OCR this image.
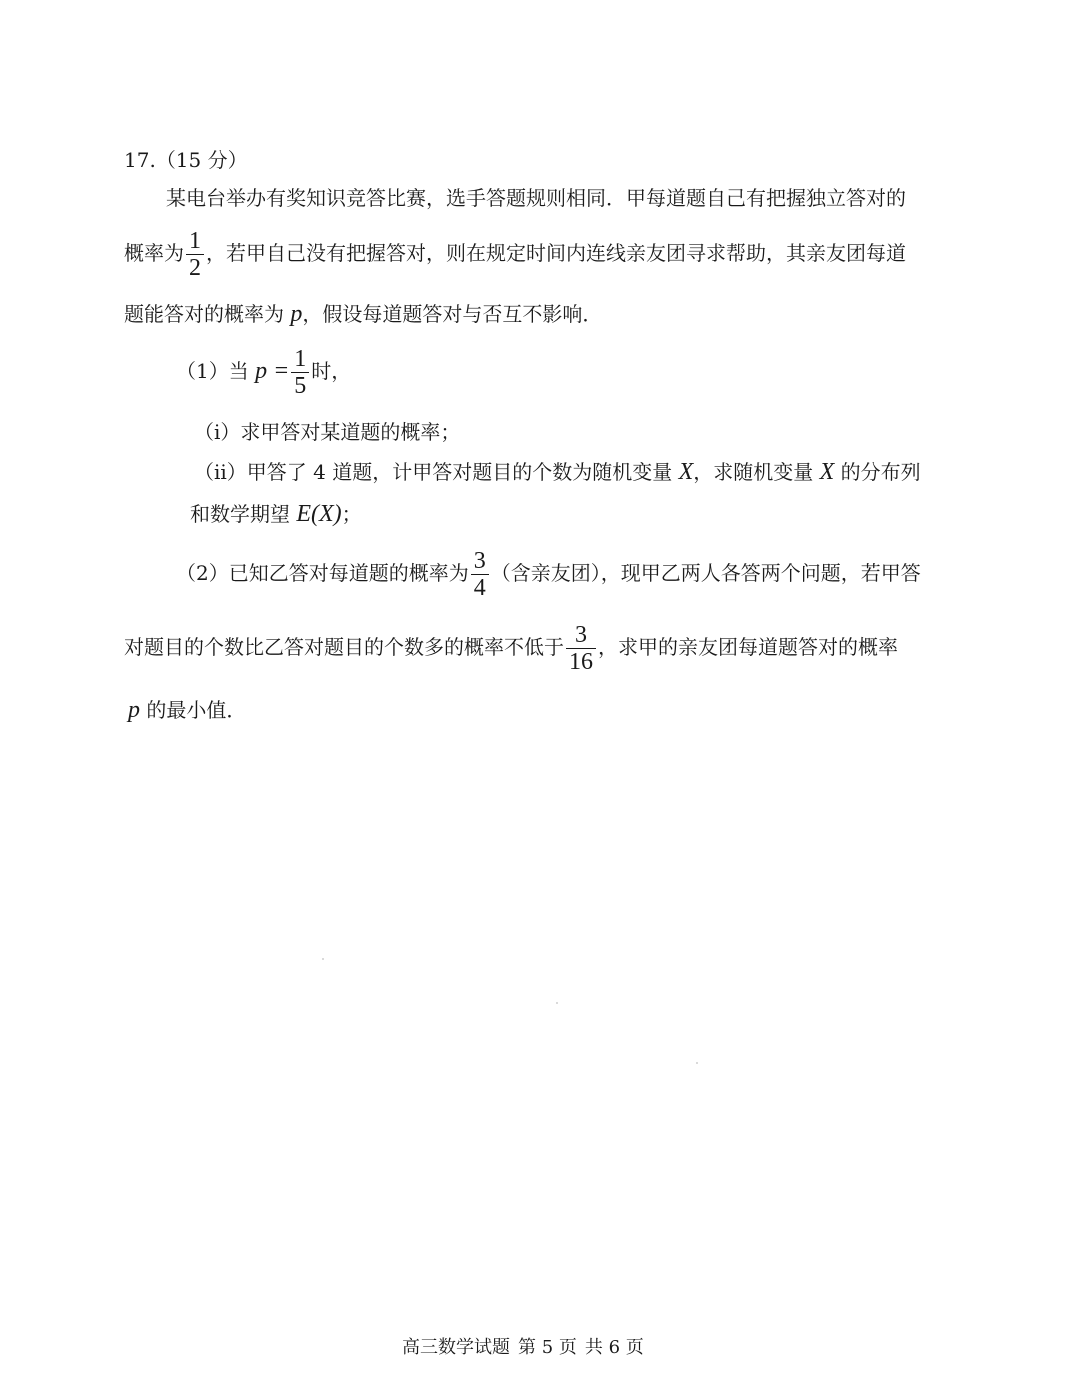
17.（15 分）
某电台举办有奖知识竞答比赛，选手答题规则相同．甲每道题自己有把握独立答对的
概率为 $\frac{1}{2}$ ，若甲自己没有把握答对，则在规定时间内连线亲友团寻求帮助，其亲友团每道
题能答对的概率为 p，假设每道题答对与否互不影响．
（1）当 $p = \frac{1}{5}$ 时，
（i）求甲答对某道题的概率；
（ii）甲答了 4 道题，计甲答对题目的个数为随机变量 X，求随机变量 X 的分布列
和数学期望 E(X)；
（2）已知乙答对每道题的概率为 $\frac{3}{4}$ （含亲友团），现甲乙两人各答两个问题，若甲答
对题目的个数比乙答对题目的个数多的概率不低于 $\frac{3}{16}$ ，求甲的亲友团每道题答对的概率
p 的最小值．
高三数学试题 第 5 页 共 6 页
